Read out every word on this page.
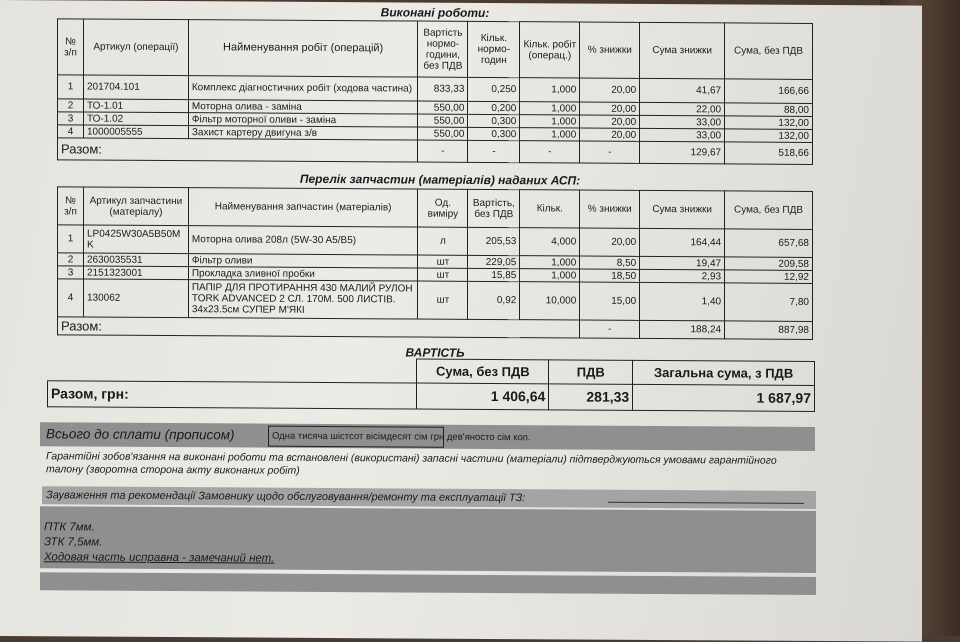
Виконані роботи:
№ з/п	Артикул (операції)	Найменування робіт (операцій)	Вартість нормо-години, без ПДВ	Кільк. нормо-годин	Кільк. робіт (операц.)	% знижки	Сума знижки	Сума, без ПДВ
1	201704.101	Комплекс діагностичних робіт (ходова частина)	833,33	0,250	1,000	20,00	41,67	166,66
2	ТО-1.01	Моторна олива - заміна	550,00	0,200	1,000	20,00	22,00	88,00
3	ТО-1.02	Фільтр моторної оливи - заміна	550,00	0,300	1,000	20,00	33,00	132,00
4	1000005555	Захист картеру двигуна з/в	550,00	0,300	1,000	20,00	33,00	132,00
Разом:			-	-	-	-	129,67	518,66
Перелік запчастин (матеріалів) наданих АСП:
№ з/п	Артикул запчастини (матеріалу)	Найменування запчастин (матеріалів)	Од. виміру	Вартість, без ПДВ	Кільк.	% знижки	Сума знижки	Сума, без ПДВ
1	LP0425W30A5B50MK	Моторна олива 208л (5W-30 A5/B5)	л	205,53	4,000	20,00	164,44	657,68
2	2630035531	Фільтр оливи	шт	229,05	1,000	8,50	19,47	209,58
3	2151323001	Прокладка зливної пробки	шт	15,85	1,000	18,50	2,93	12,92
4	130062	ПАПІР ДЛЯ ПРОТИРАННЯ 430 МАЛИЙ РУЛОН TORK ADVANCED 2 СЛ. 170М. 500 ЛИСТІВ. 34x23.5см СУПЕР М'ЯКІ	шт	0,92	10,000	15,00	1,40	7,80
Разом:						-	188,24	887,98
ВАРТІСТЬ
	Сума, без ПДВ	ПДВ	Загальна сума, з ПДВ
Разом, грн:	1 406,64	281,33	1 687,97
Всього до сплати (прописом)	Одна тисяча шістсот вісімдесят сім грн дев'яносто сім коп.
Гарантійні зобов'язання на виконані роботи та встановлені (використані) запасні частини (матеріали) підтверджуються умовами гарантійного талону (зворотна сторона акту виконаних робіт)
Зауваження та рекомендації Замовнику щодо обслуговування/ремонту та експлуатації ТЗ:
ПТК 7мм.
ЗТК 7,5мм.
Ходовая часть исправна - замечаний нет.
